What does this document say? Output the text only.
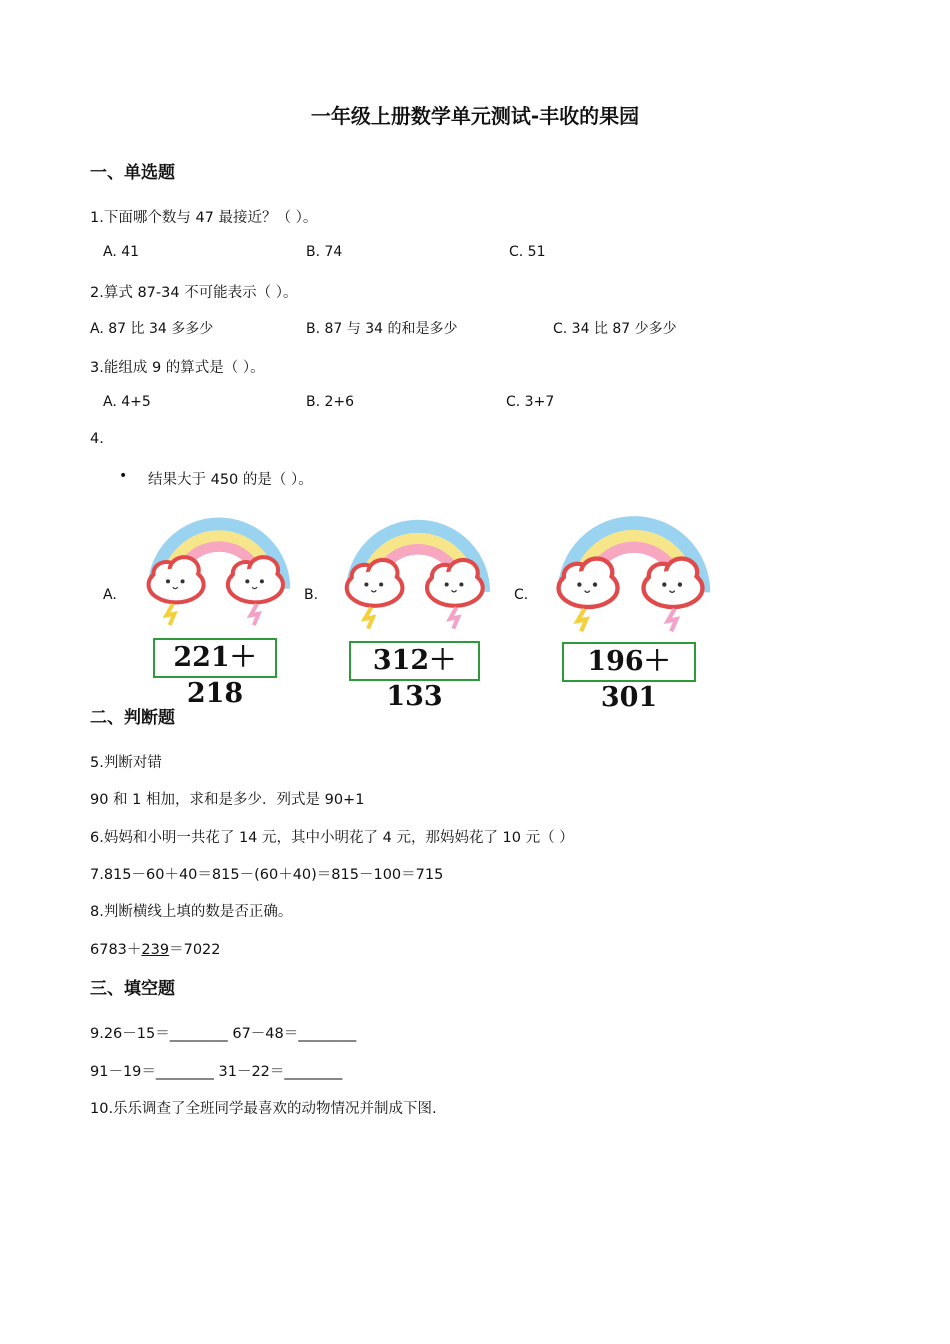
一年级上册数学单元测试-丰收的果园
一、单选题
1.下面哪个数与 47 最接近？（ ）。
A. 41	B. 74	C. 51
2.算式 87-34 不可能表示（ ）。
A. 87 比 34 多多少	B. 87 与 34 的和是多少	C. 34 比 87 少多少
3.能组成 9 的算式是（ ）。
A. 4+5	B. 2+6	C. 3+7
4.
• 结果大于 450 的是（ ）。
A.
221＋218
B.
312＋133
C.
196＋301
二、判断题
5.判断对错
90 和 1 相加，求和是多少．列式是 90+1
6.妈妈和小明一共花了 14 元，其中小明花了 4 元，那妈妈花了 10 元（ ）
7.815－60＋40＝815－(60＋40)＝815－100＝715
8.判断横线上填的数是否正确。
6783＋239＝7022
三、填空题
9.26－15＝________ 67－48＝________
91－19＝________ 31－22＝________
10.乐乐调查了全班同学最喜欢的动物情况并制成下图.
